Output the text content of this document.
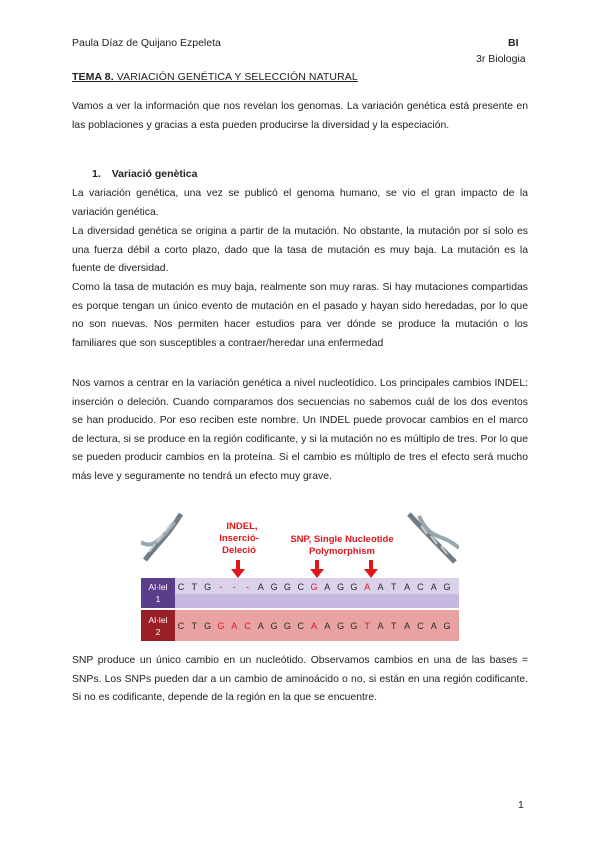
Paula Díaz de Quijano Ezpeleta	BI
3r Biologia
TEMA 8. VARIACIÓN GENÉTICA Y SELECCIÓN NATURAL

Vamos a ver la información que nos revelan los genomas. La variación genética está presente en las poblaciones y gracias a esta pueden producirse la diversidad y la especiación.

1. Variació genètica

La variación genética, una vez se publicó el genoma humano, se vio el gran impacto de la variación genética.

La diversidad genética se origina a partir de la mutación. No obstante, la mutación por sí solo es una fuerza débil a corto plazo, dado que la tasa de mutación es muy baja. La mutación es la fuente de diversidad.

Como la tasa de mutación es muy baja, realmente son muy raras. Si hay mutaciones compartidas es porque tengan un único evento de mutación en el pasado y hayan sido heredadas, por lo que no son nuevas. Nos permiten hacer estudios para ver dónde se produce la mutación o los familiares que son susceptibles a contraer/heredar una enfermedad

Nos vamos a centrar en la variación genética a nivel nucleotídico. Los principales cambios INDEL: inserción o deleción. Cuando comparamos dos secuencias no sabemos cuál de los dos eventos se han producido. Por eso reciben este nombre. Un INDEL puede provocar cambios en el marco de lectura, si se produce en la región codificante, y si la mutación no es múltiplo de tres. Por lo que se pueden producir cambios en la proteína. Si el cambio es múltiplo de tres el efecto será mucho más leve y seguramente no tendrá un efecto muy grave.

INDEL,
Inserció-
Deleció
SNP, Single Nucleotide
Polymorphism
Al·lel
1
C T G - - - A G G C G A G G A A T A C A G
Al·lel
2
C T G G A C A G G C A A G G T A T A C A G

SNP produce un único cambio en un nucleótido. Observamos cambios en una de las bases = SNPs. Los SNPs pueden dar a un cambio de aminoácido o no, si están en una región codificante. Si no es codificante, depende de la región en la que se encuentre.

1
